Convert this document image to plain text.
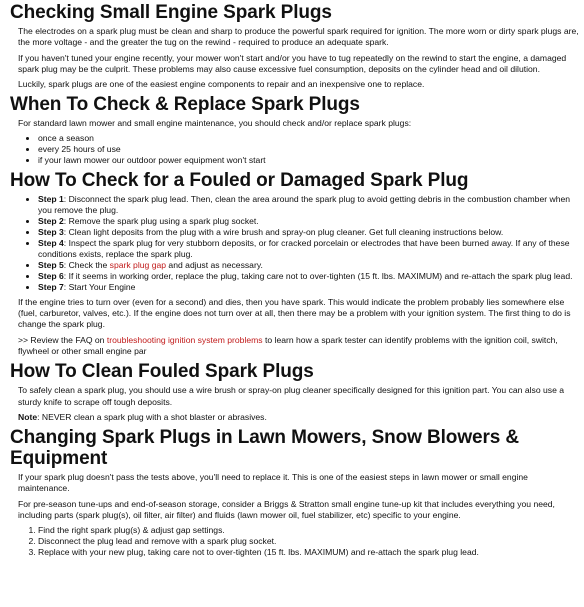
Checking Small Engine Spark Plugs

The electrodes on a spark plug must be clean and sharp to produce the powerful spark required for ignition. The more worn or dirty spark plugs are, the more voltage - and the greater the tug on the rewind - required to produce an adequate spark.

If you haven't tuned your engine recently, your mower won't start and/or you have to tug repeatedly on the rewind to start the engine, a damaged spark plug may be the culprit. These problems may also cause excessive fuel consumption, deposits on the cylinder head and oil dilution.

Luckily, spark plugs are one of the easiest engine components to repair and an inexpensive one to replace.

When To Check & Replace Spark Plugs

For standard lawn mower and small engine maintenance, you should check and/or replace spark plugs:

• once a season
• every 25 hours of use
• if your lawn mower our outdoor power equipment won't start
How To Check for a Fouled or Damaged Spark Plug
• Step 1: Disconnect the spark plug lead. Then, clean the area around the spark plug to avoid getting debris in the combustion chamber when you remove the plug.
• Step 2: Remove the spark plug using a spark plug socket.
• Step 3: Clean light deposits from the plug with a wire brush and spray-on plug cleaner. Get full cleaning instructions below.
• Step 4: Inspect the spark plug for very stubborn deposits, or for cracked porcelain or electrodes that have been burned away. If any of these conditions exists, replace the spark plug.
• Step 5: Check the spark plug gap and adjust as necessary.
• Step 6: If it seems in working order, replace the plug, taking care not to over-tighten (15 ft. lbs. MAXIMUM) and re-attach the spark plug lead.
• Step 7: Start Your Engine

If the engine tries to turn over (even for a second) and dies, then you have spark. This would indicate the problem probably lies somewhere else (fuel, carburetor, valves, etc.). If the engine does not turn over at all, then there may be a problem with your ignition system. The first thing to do is change the spark plug.

>> Review the FAQ on troubleshooting ignition system problems to learn how a spark tester can identify problems with the ignition coil, switch, flywheel or other small engine par

How To Clean Fouled Spark Plugs

To safely clean a spark plug, you should use a wire brush or spray-on plug cleaner specifically designed for this ignition part. You can also use a sturdy knife to scrape off tough deposits.

Note: NEVER clean a spark plug with a shot blaster or abrasives.

Changing Spark Plugs in Lawn Mowers, Snow Blowers & Equipment

If your spark plug doesn't pass the tests above, you'll need to replace it. This is one of the easiest steps in lawn mower or small engine maintenance.

For pre-season tune-ups and end-of-season storage, consider a Briggs & Stratton small engine tune-up kit that includes everything you need, including parts (spark plug(s), oil filter, air filter) and fluids (lawn mower oil, fuel stabilizer, etc) specific to your engine.

1. Find the right spark plug(s) & adjust gap settings.
2. Disconnect the plug lead and remove with a spark plug socket.
3. Replace with your new plug, taking care not to over-tighten (15 ft. lbs. MAXIMUM) and re-attach the spark plug lead.
